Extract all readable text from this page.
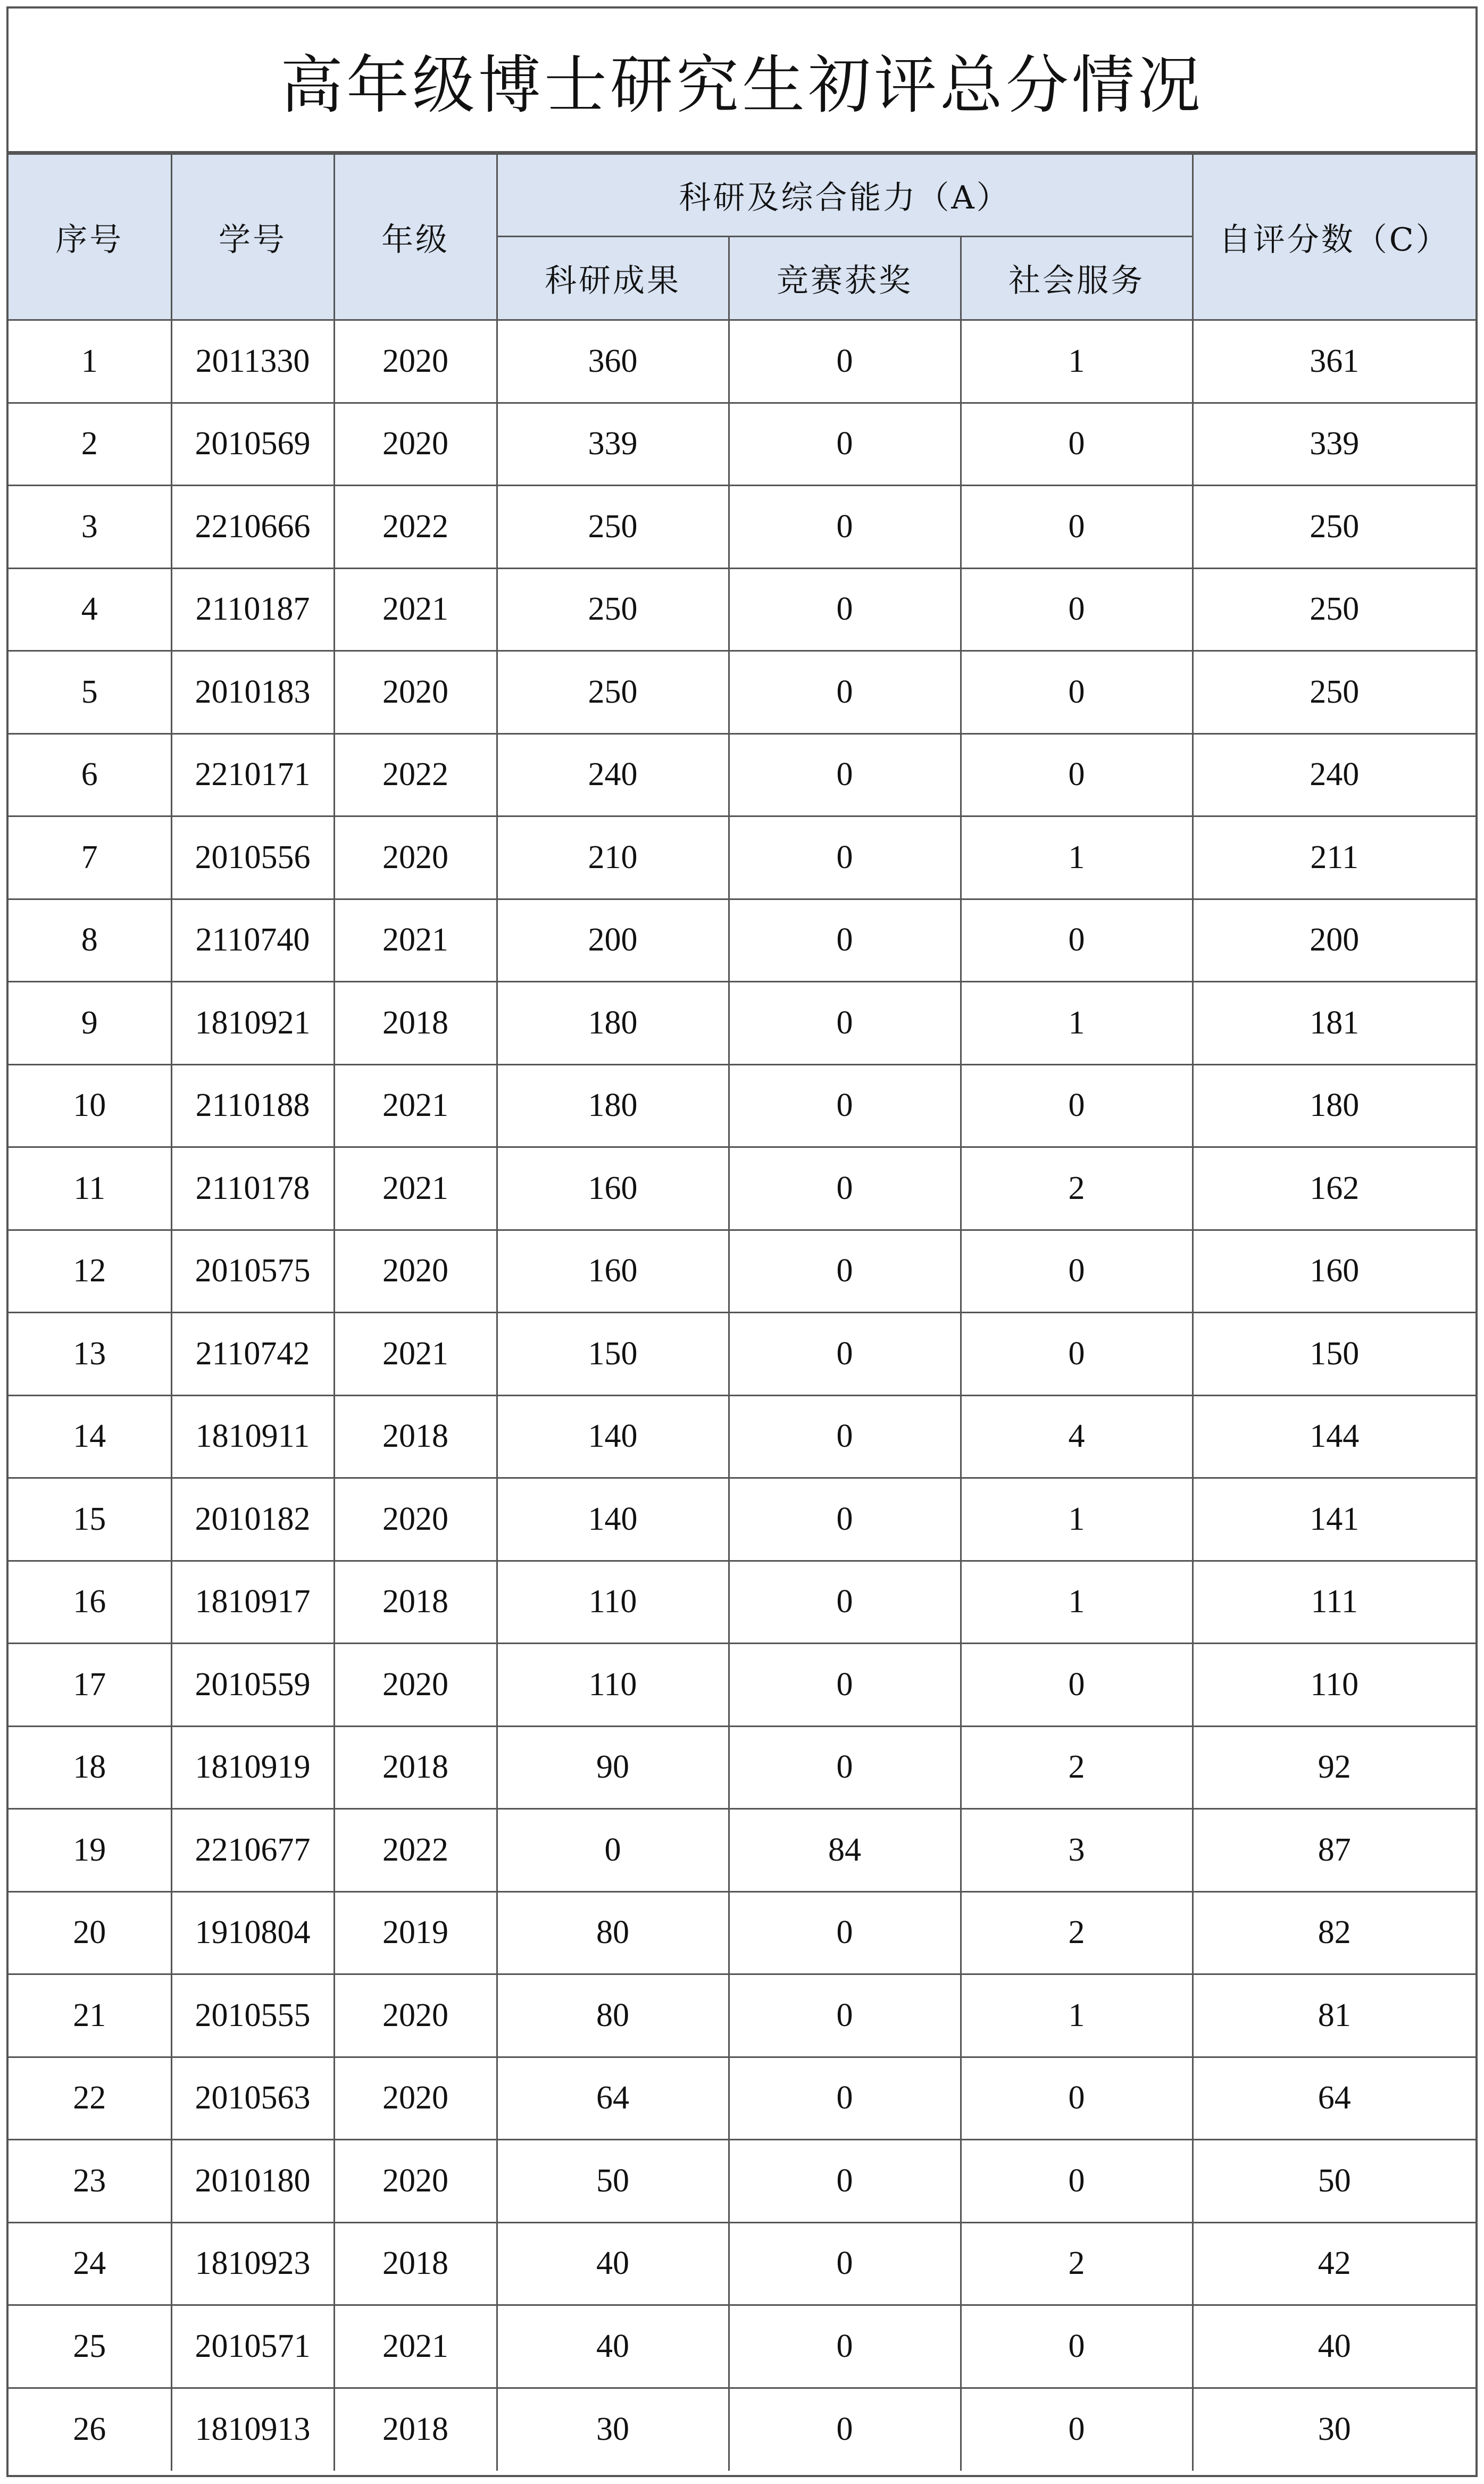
高年级博士研究生初评总分情况
序号	学号	年级	科研及综合能力（A）			自评分数（C）
			科研成果	竞赛获奖	社会服务	
1	2011330	2020	360	0	1	361
2	2010569	2020	339	0	0	339
3	2210666	2022	250	0	0	250
4	2110187	2021	250	0	0	250
5	2010183	2020	250	0	0	250
6	2210171	2022	240	0	0	240
7	2010556	2020	210	0	1	211
8	2110740	2021	200	0	0	200
9	1810921	2018	180	0	1	181
10	2110188	2021	180	0	0	180
11	2110178	2021	160	0	2	162
12	2010575	2020	160	0	0	160
13	2110742	2021	150	0	0	150
14	1810911	2018	140	0	4	144
15	2010182	2020	140	0	1	141
16	1810917	2018	110	0	1	111
17	2010559	2020	110	0	0	110
18	1810919	2018	90	0	2	92
19	2210677	2022	0	84	3	87
20	1910804	2019	80	0	2	82
21	2010555	2020	80	0	1	81
22	2010563	2020	64	0	0	64
23	2010180	2020	50	0	0	50
24	1810923	2018	40	0	2	42
25	2010571	2021	40	0	0	40
26	1810913	2018	30	0	0	30
